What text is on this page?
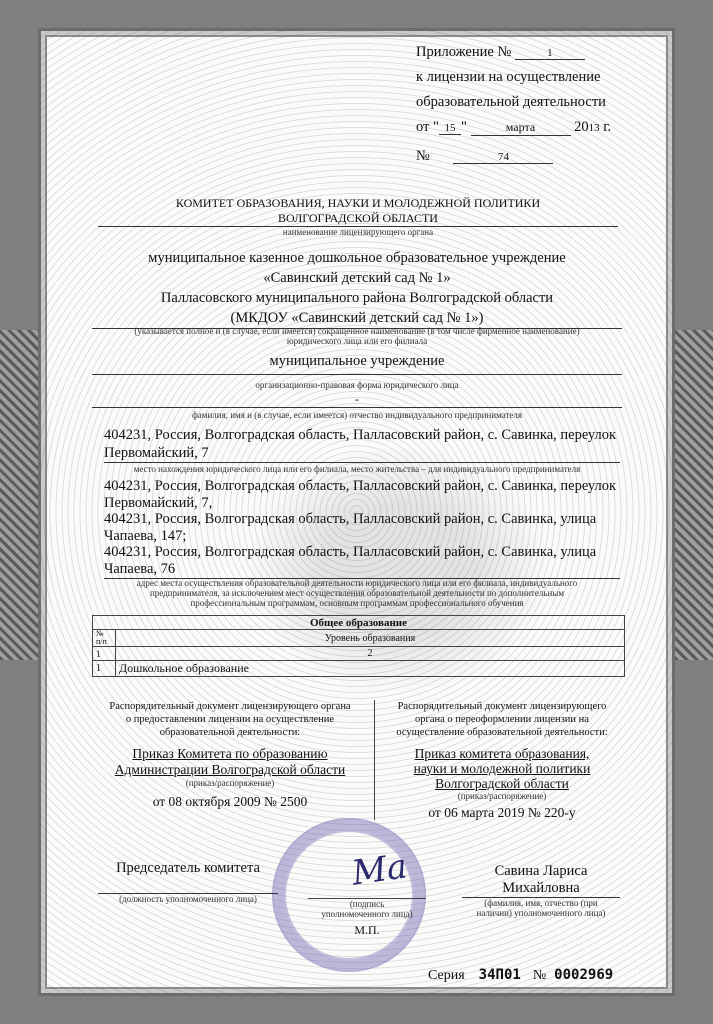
Приложение №	1
к лицензии на осуществление
образовательной деятельности
от " 15 "	марта	2013 г.
№	74
КОМИТЕТ ОБРАЗОВАНИЯ, НАУКИ И МОЛОДЕЖНОЙ ПОЛИТИКИ
ВОЛГОГРАДСКОЙ ОБЛАСТИ
наименование лицензирующего органа
муниципальное казенное дошкольное образовательное учреждение
«Савинский детский сад № 1»
Палласовского муниципального района Волгоградской области
(МКДОУ «Савинский детский сад № 1»)
(указывается полное и (в случае, если имеется) сокращенное наименование (в том числе фирменное наименование)
юридического лица или его филиала
муниципальное учреждение
организационно-правовая форма юридического лица
-
фамилия, имя и (в случае, если имеется) отчество индивидуального предпринимателя
404231, Россия, Волгоградская область, Палласовский район, с. Савинка, переулок
Первомайский, 7
место нахождения юридического лица или его филиала, место жительства – для индивидуального предпринимателя
404231, Россия, Волгоградская область, Палласовский район, с. Савинка, переулок
Первомайский, 7,
404231, Россия, Волгоградская область, Палласовский район, с. Савинка, улица
Чапаева, 147;
404231, Россия, Волгоградская область, Палласовский район, с. Савинка, улица
Чапаева, 76
адрес места осуществления образовательной деятельности юридического лица или его филиала, индивидуального
предпринимателя, за исключением мест осуществления образовательной деятельности по дополнительным
профессиональным программам, основным программам профессионального обучения
Общее образование	
№
п/п	Уровень образования
1	2
1	Дошкольное образование
Распорядительный документ лицензирующего органа
о предоставлении лицензии на осуществление
образовательной деятельности:
Приказ Комитета по образованию
Администрации Волгоградской области
(приказ/распоряжение)
от 08 октября 2009 № 2500
Распорядительный документ лицензирующего
органа о переоформлении лицензии на
осуществление образовательной деятельности:
Приказ комитета образования,
науки и молодежной политики
Волгоградской области
(приказ/распоряжение)
от 06 марта 2019 № 220-у
Ма
Председатель комитета
(должность уполномоченного лица)	(подпись
уполномоченного лица)
М.П.
Савина Лариса
Михайловна
(фамилия, имя, отчество (при
наличии) уполномоченного лица)
Серия 34П01 № 0002969
